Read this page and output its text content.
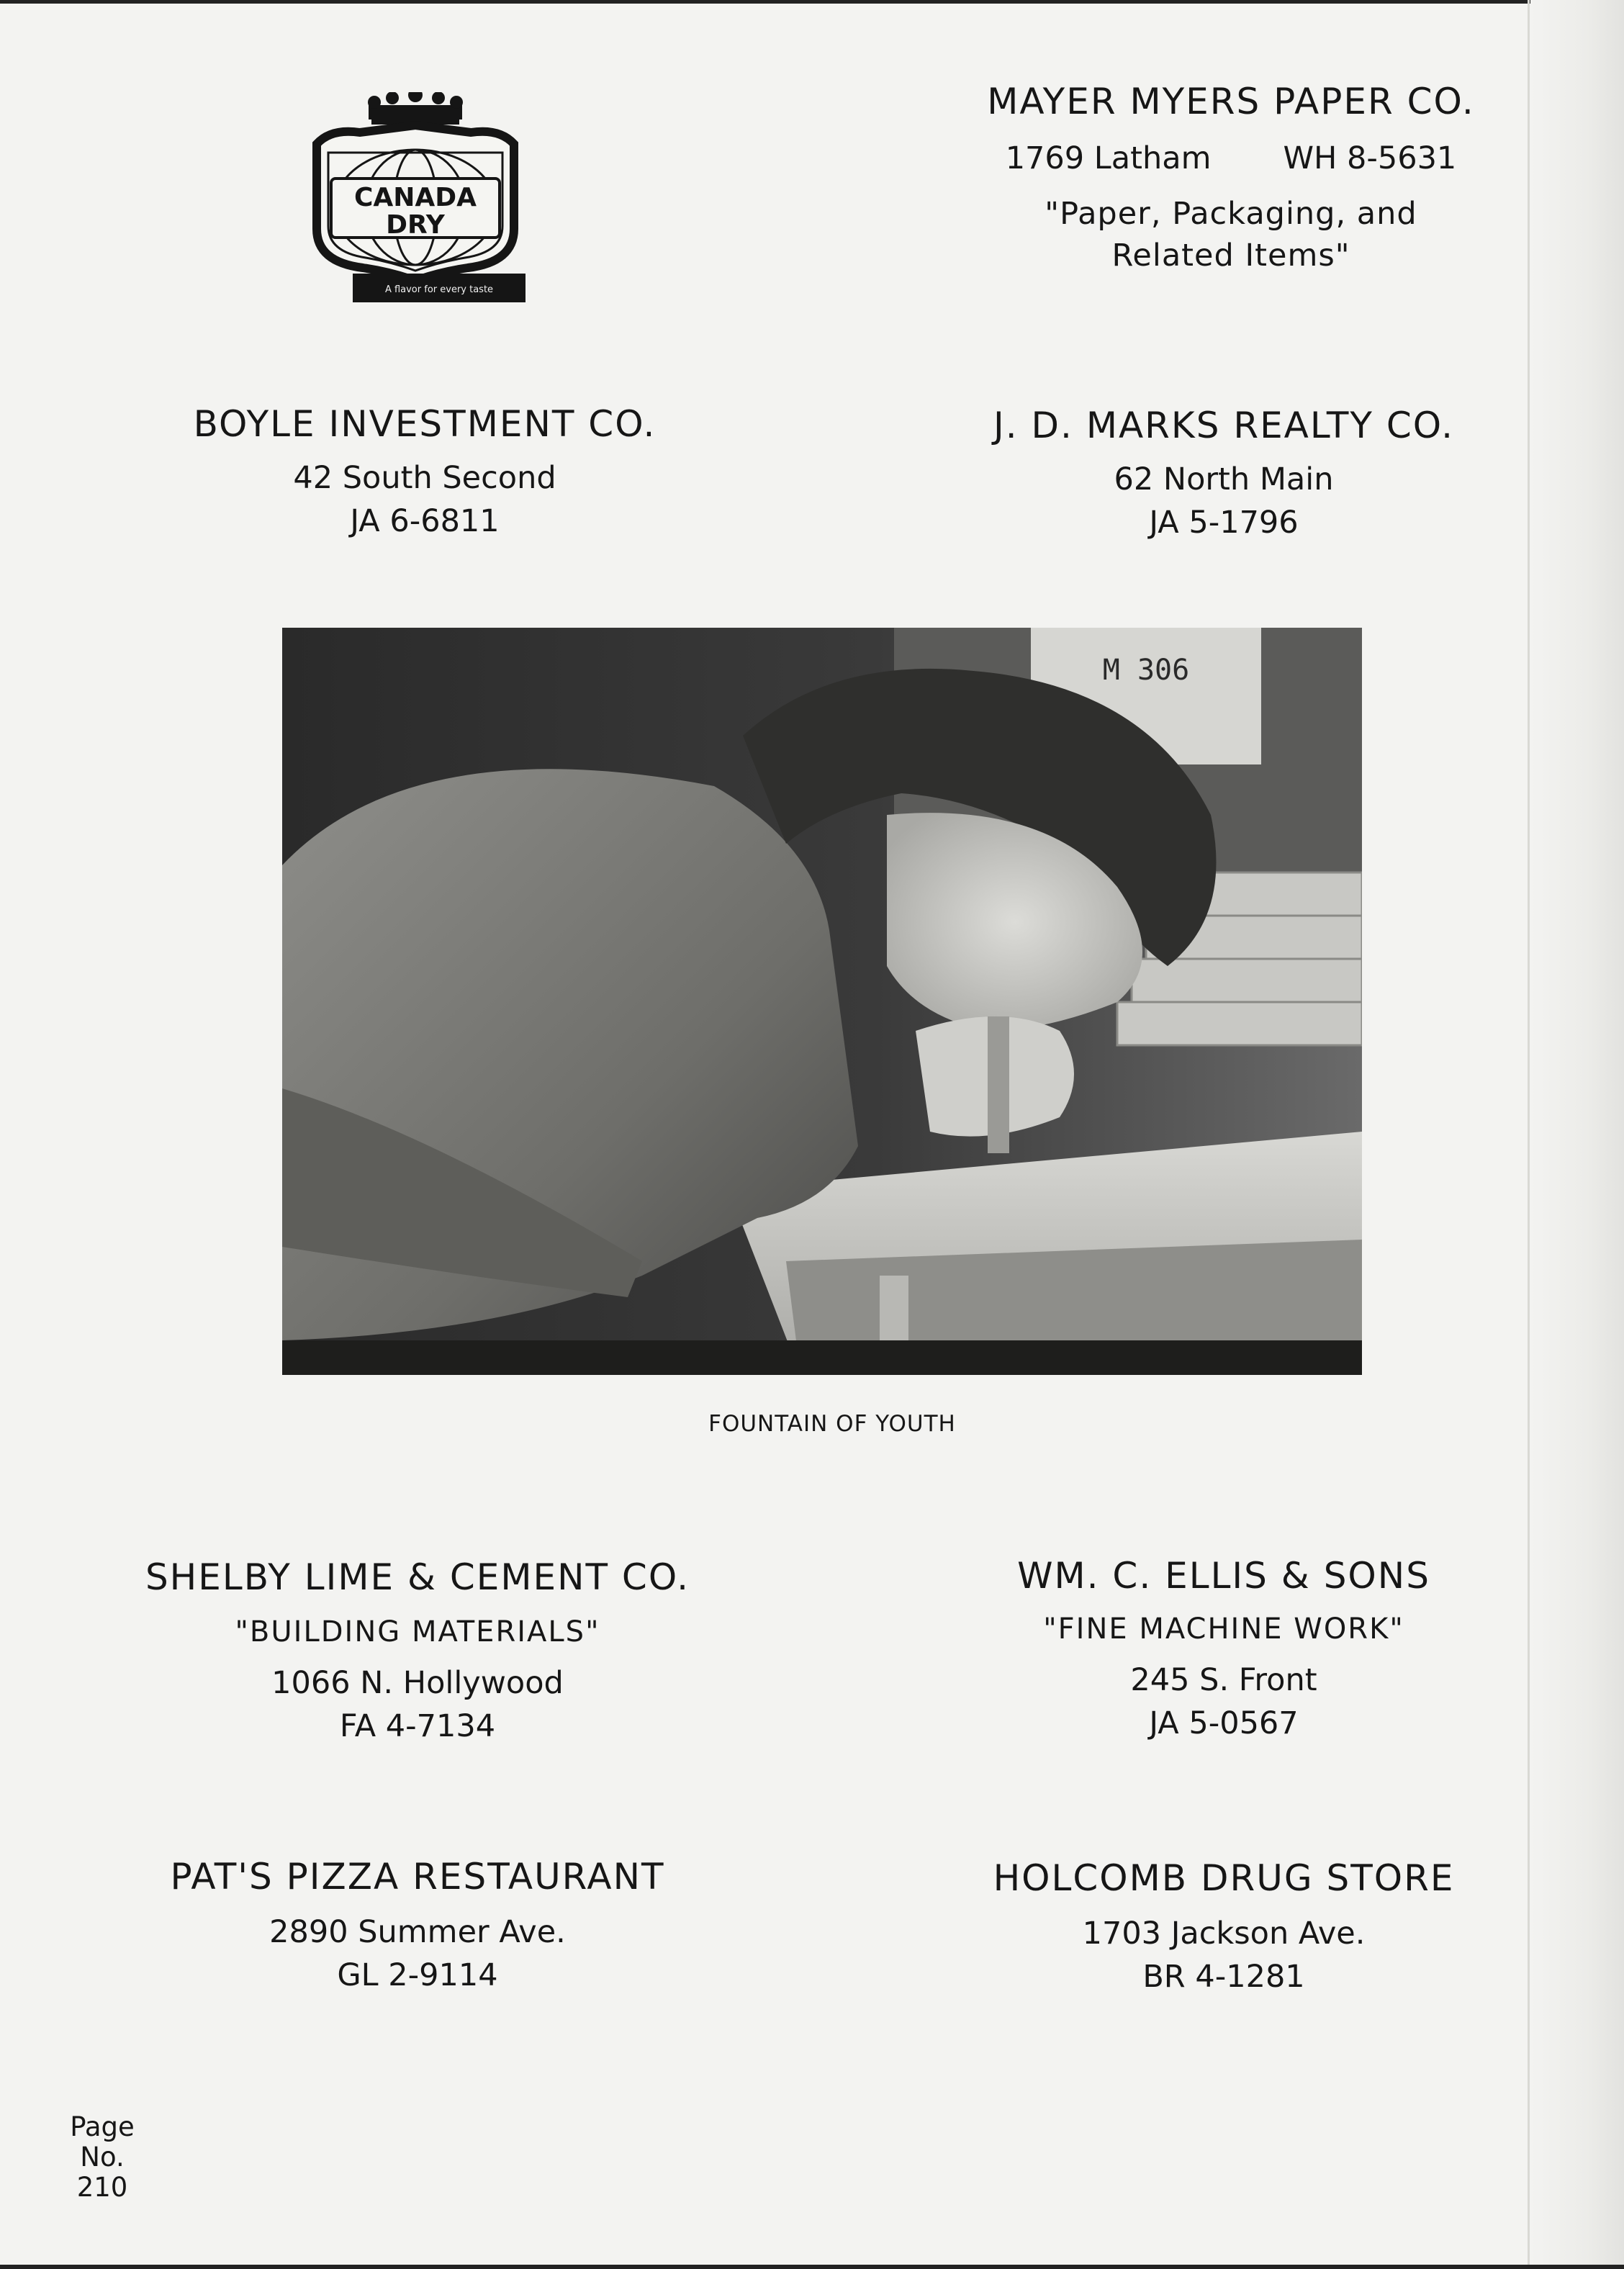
CANADA
DRY
A flavor for every taste
MAYER MYERS PAPER CO.
1769 Latham WH 8-5631
"Paper, Packaging, and
Related Items"
BOYLE INVESTMENT CO.
42 South Second
JA 6-6811
J. D. MARKS REALTY CO.
62 North Main
JA 5-1796
M 306
FOUNTAIN OF YOUTH
SHELBY LIME & CEMENT CO.
"BUILDING MATERIALS"
1066 N. Hollywood
FA 4-7134
WM. C. ELLIS & SONS
"FINE MACHINE WORK"
245 S. Front
JA 5-0567
PAT'S PIZZA RESTAURANT
2890 Summer Ave.
GL 2-9114
HOLCOMB DRUG STORE
1703 Jackson Ave.
BR 4-1281
Page
No.
210
